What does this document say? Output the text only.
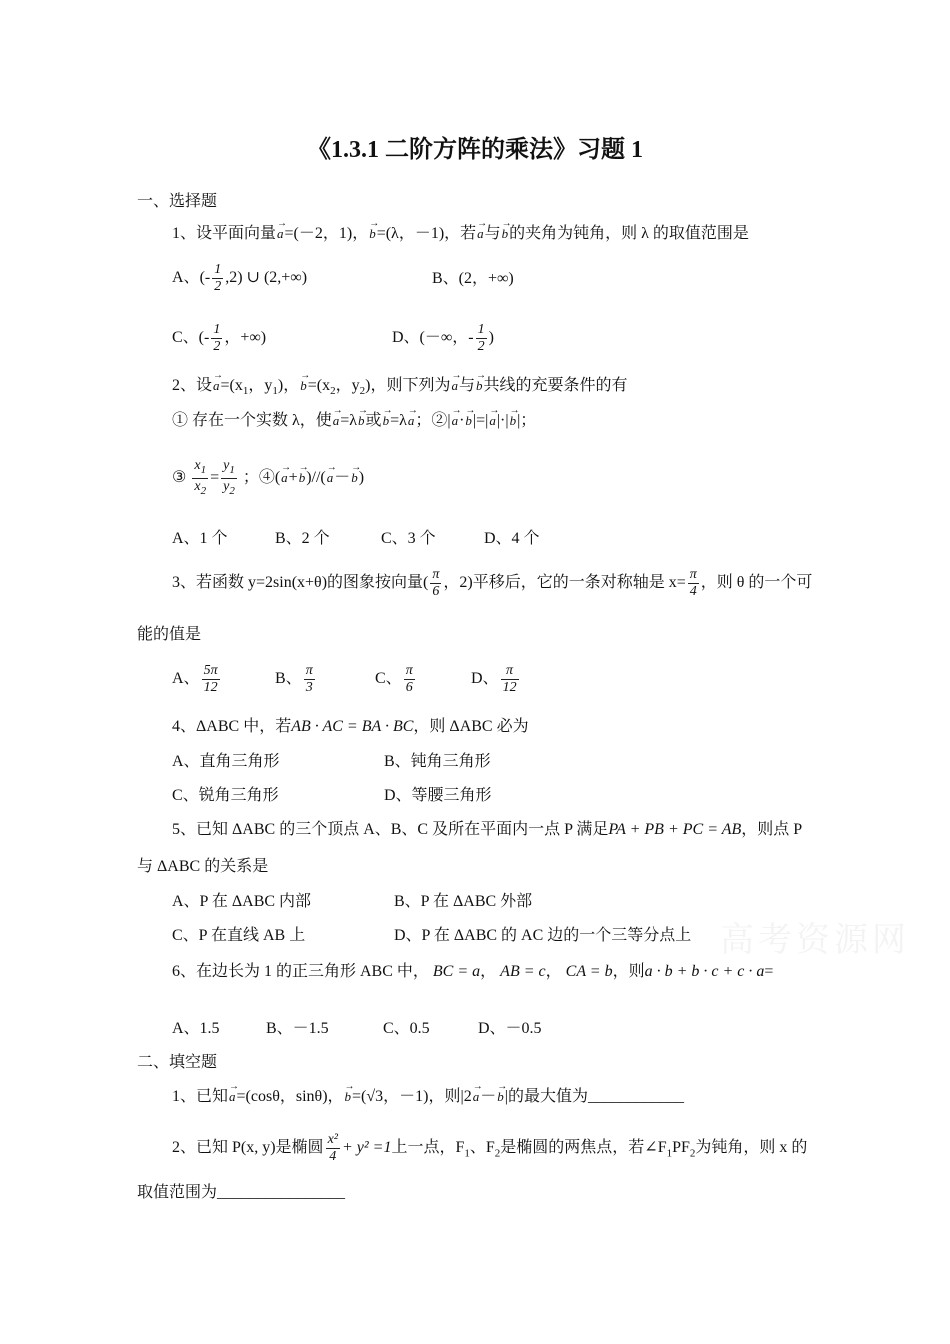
《1.3.1 二阶方阵的乘法》习题 1
一、选择题
1、设平面向量→ a=(－2，1)，→ b=(λ，－1)，若→ a与→ b的夹角为钝角，则 λ 的取值范围是
A、(- $\frac{1}{2} ,2$) ∪ (2,+∞)	B、(2，+∞)
C、(- $\frac{1}{2}$ ，+∞)	D、(－∞，- $\frac{1}{2}$ )
2、设→ $a=(x_1$，$y_1$)，→ $b=(x_2$，$y_2$)，则下列为→ a与→ b共线的充要条件的有
① 存在一个实数 λ，使→ a=λ→ b或→ b=λ→ a；②|→ a·→ b|=|→ a|·|→ b|；
③ $\frac{x_1}{x_2} = \frac{y_1}{y_2}$ ；④(→ a+→ b)//(→ a－→ b)
A、1 个	B、2 个	C、3 个	D、4 个
3、若函数 y=2sin(x+θ)的图象按向量( $\frac{\pi}{6}$ ，2)平移后，它的一条对称轴是 $x= \frac{\pi}{4}$ ，则 θ 的一个可
能的值是
A、 $\frac{5\pi}{12}$	B、 $\frac{\pi}{3}$	C、 $\frac{\pi}{6}$	D、 $\frac{\pi}{12}$
4、ΔABC 中，若AB · AC = BA · BC，则 ΔABC 必为
A、直角三角形	B、钝角三角形
C、锐角三角形	D、等腰三角形
5、已知 ΔABC 的三个顶点 A、B、C 及所在平面内一点 P 满足PA + PB + PC = AB，则点 P
与 ΔABC 的关系是
A、P 在 ΔABC 内部	B、P 在 ΔABC 外部
C、P 在直线 AB 上	D、P 在 ΔABC 的 AC 边的一个三等分点上
6、在边长为 1 的正三角形 ABC 中， BC = a， AB = c， CA = b，则a · b + b · c + c · a=
A、1.5	B、－1.5	C、0.5	D、－0.5
二、填空题
1、已知→ a=(cosθ，sinθ)，→ b=(√3，－1)，则|2→ a－→ b|的最大值为____________
2、已知 P(x, y)是椭圆 $\frac{\text{x²}}{4} + y^2 =1$上一点，$F_1$、$F_2$是椭圆的两焦点，若$\angle F_1PF_2$为钝角，则 x 的
取值范围为________________
高考资源网
